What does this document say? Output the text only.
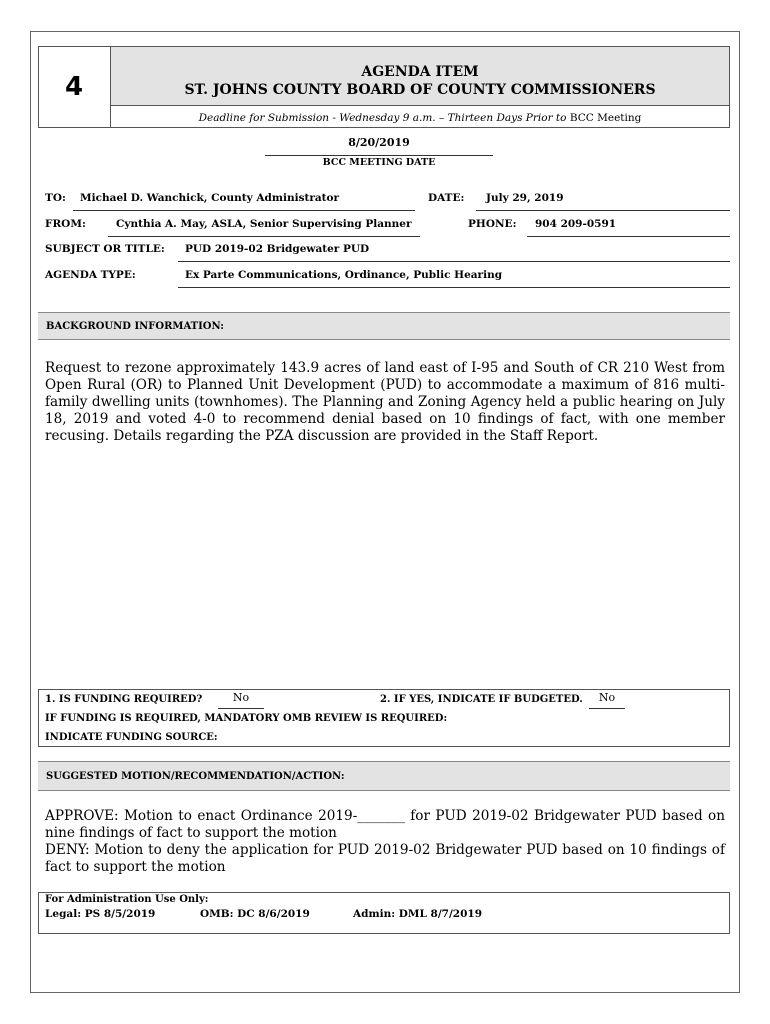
4	AGENDA ITEM
ST. JOHNS COUNTY BOARD OF COUNTY COMMISSIONERS
Deadline for Submission - Wednesday 9 a.m. – Thirteen Days Prior to BCC Meeting
8/20/2019
BCC MEETING DATE
TO: Michael D. Wanchick, County Administrator	DATE: July 29, 2019
FROM:	Cynthia A. May, ASLA, Senior Supervising Planner	PHONE: 904 209-0591
SUBJECT OR TITLE: PUD 2019-02 Bridgewater PUD
AGENDA TYPE:	Ex Parte Communications, Ordinance, Public Hearing
BACKGROUND INFORMATION:
Request to rezone approximately 143.9 acres of land east of I-95 and South of CR 210 West from Open Rural (OR) to Planned Unit Development (PUD) to accommodate a maximum of 816 multi-family dwelling units (townhomes). The Planning and Zoning Agency held a public hearing on July 18, 2019 and voted 4-0 to recommend denial based on 10 findings of fact, with one member recusing. Details regarding the PZA discussion are provided in the Staff Report.
1. IS FUNDING REQUIRED?	No	2. IF YES, INDICATE IF BUDGETED.	No
IF FUNDING IS REQUIRED, MANDATORY OMB REVIEW IS REQUIRED:
INDICATE FUNDING SOURCE:
SUGGESTED MOTION/RECOMMENDATION/ACTION:
APPROVE: Motion to enact Ordinance 2019-_______ for PUD 2019-02 Bridgewater PUD based on nine findings of fact to support the motion
DENY: Motion to deny the application for PUD 2019-02 Bridgewater PUD based on 10 findings of fact to support the motion
For Administration Use Only:
Legal: PS 8/5/2019	OMB: DC 8/6/2019	Admin: DML 8/7/2019
